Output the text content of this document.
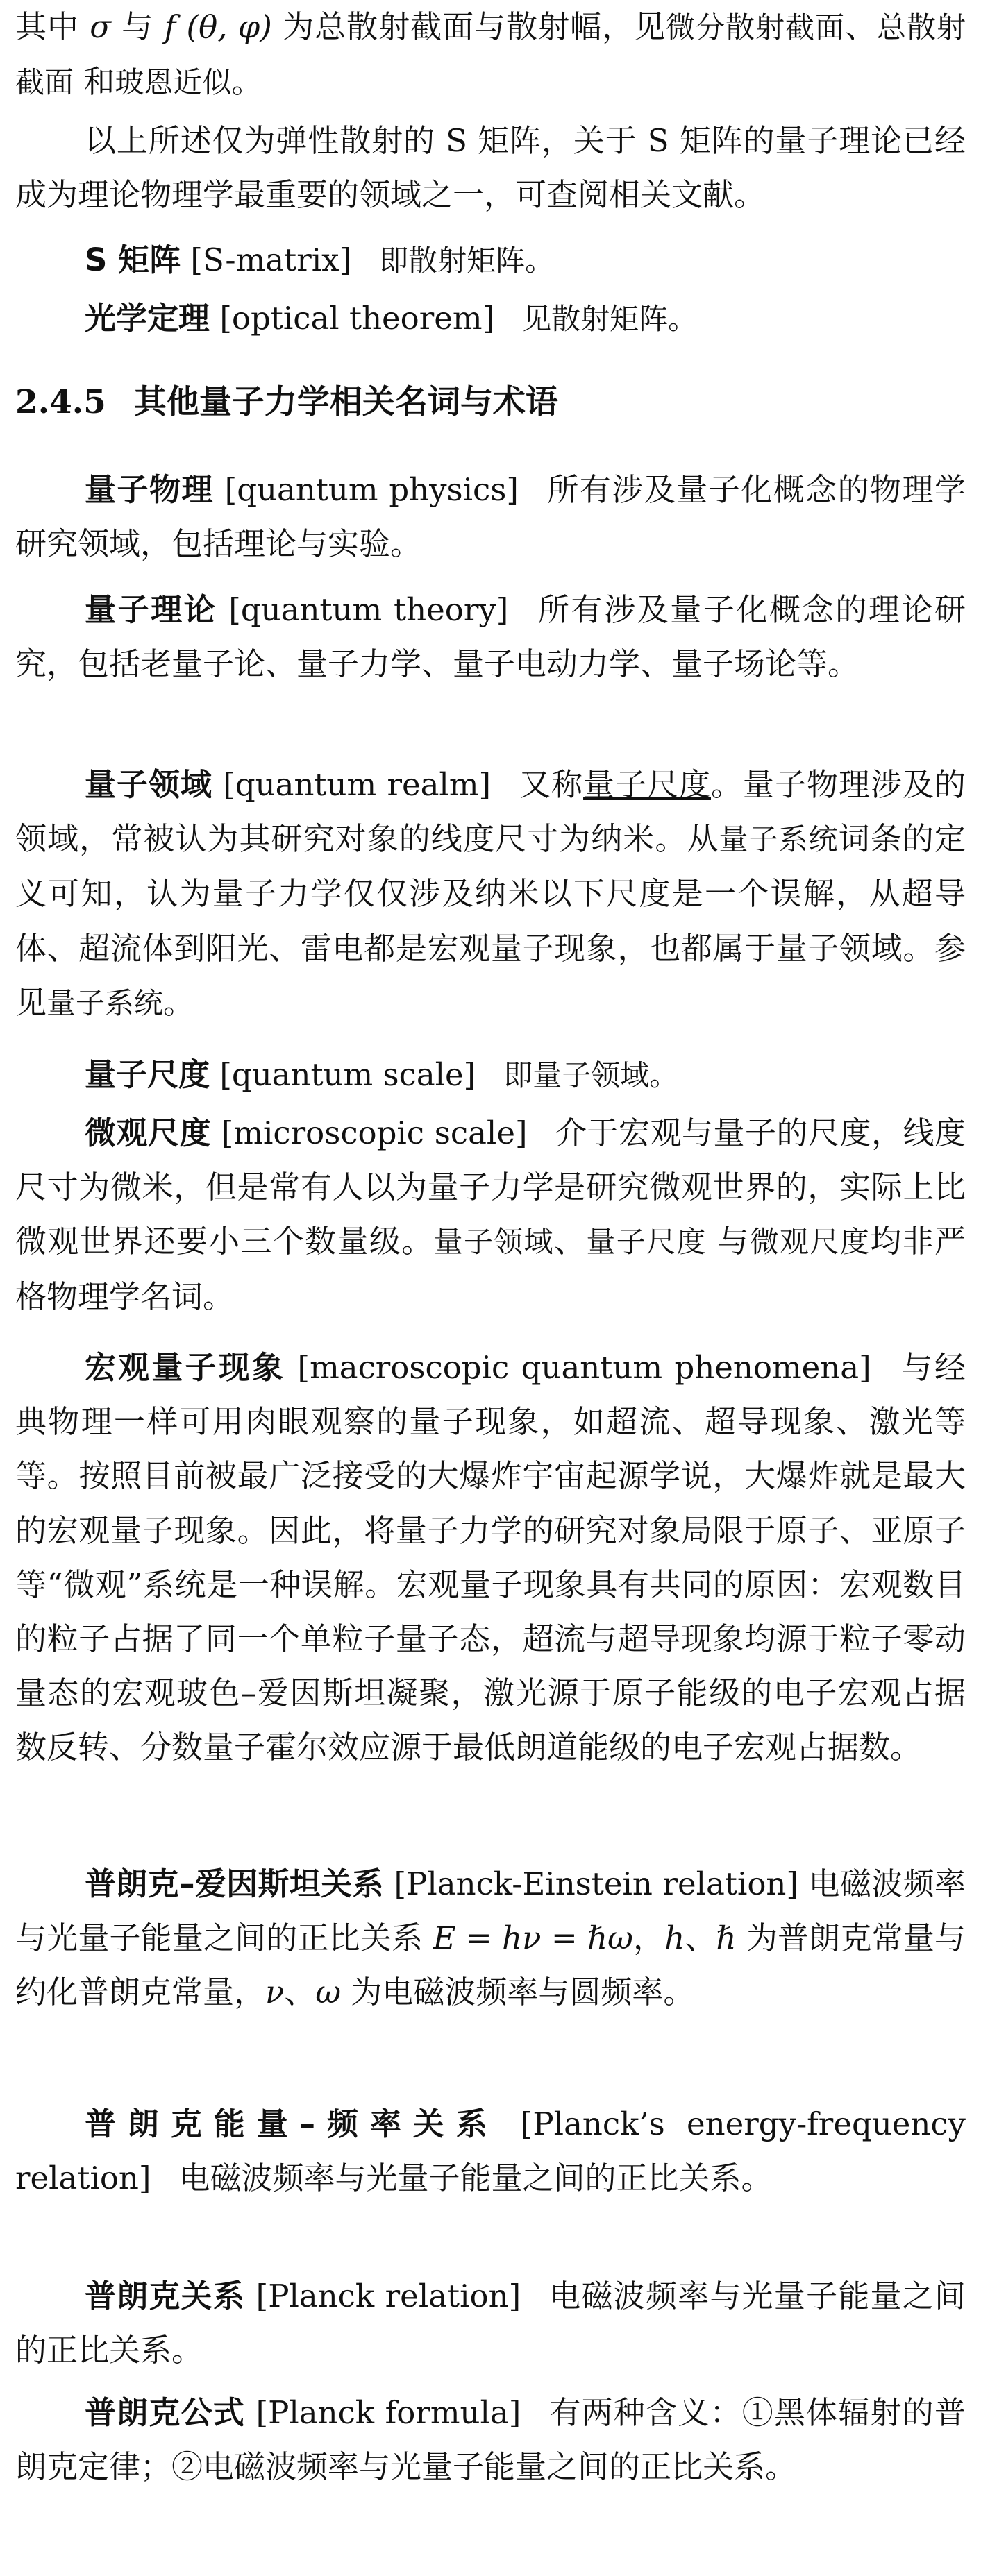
其中 σ 与 f (θ, φ) 为总散射截面与散射幅，见微分散射截面、总散射截面 和玻恩近似。

以上所述仅为弹性散射的 S 矩阵，关于 S 矩阵的量子理论已经成为理论物理学最重要的领域之一，可查阅相关文献。

S 矩阵 [S-matrix] 即散射矩阵。

光学定理 [optical theorem] 见散射矩阵。

2.4.5 其他量子力学相关名词与术语

量子物理 [quantum physics] 所有涉及量子化概念的物理学研究领域，包括理论与实验。

量子理论 [quantum theory] 所有涉及量子化概念的理论研究，包括老量子论、量子力学、量子电动力学、量子场论等。

量子领域 [quantum realm] 又称量子尺度。量子物理涉及的领域，常被认为其研究对象的线度尺寸为纳米。从量子系统词条的定义可知，认为量子力学仅仅涉及纳米以下尺度是一个误解，从超导体、超流体到阳光、雷电都是宏观量子现象，也都属于量子领域。参见量子系统。

量子尺度 [quantum scale] 即量子领域。

微观尺度 [microscopic scale] 介于宏观与量子的尺度，线度尺寸为微米，但是常有人以为量子力学是研究微观世界的，实际上比微观世界还要小三个数量级。量子领域、量子尺度 与微观尺度均非严格物理学名词。

宏观量子现象 [macroscopic quantum phenomena] 与经典物理一样可用肉眼观察的量子现象，如超流、超导现象、激光等等。按照目前被最广泛接受的大爆炸宇宙起源学说，大爆炸就是最大的宏观量子现象。因此，将量子力学的研究对象局限于原子、亚原子等“微观”系统是一种误解。宏观量子现象具有共同的原因：宏观数目的粒子占据了同一个单粒子量子态，超流与超导现象均源于粒子零动量态的宏观玻色–爱因斯坦凝聚，激光源于原子能级的电子宏观占据数反转、分数量子霍尔效应源于最低朗道能级的电子宏观占据数。

普朗克–爱因斯坦关系 [Planck-Einstein relation] 电磁波频率与光量子能量之间的正比关系 E = hν = ℏω，h、ℏ 为普朗克常量与约化普朗克常量，ν、ω 为电磁波频率与圆频率。

普朗克能量–频率关系 [Planck’s energy-frequency relation] 电磁波频率与光量子能量之间的正比关系。

普朗克关系 [Planck relation] 电磁波频率与光量子能量之间的正比关系。

普朗克公式 [Planck formula] 有两种含义：①黑体辐射的普朗克定律；②电磁波频率与光量子能量之间的正比关系。
